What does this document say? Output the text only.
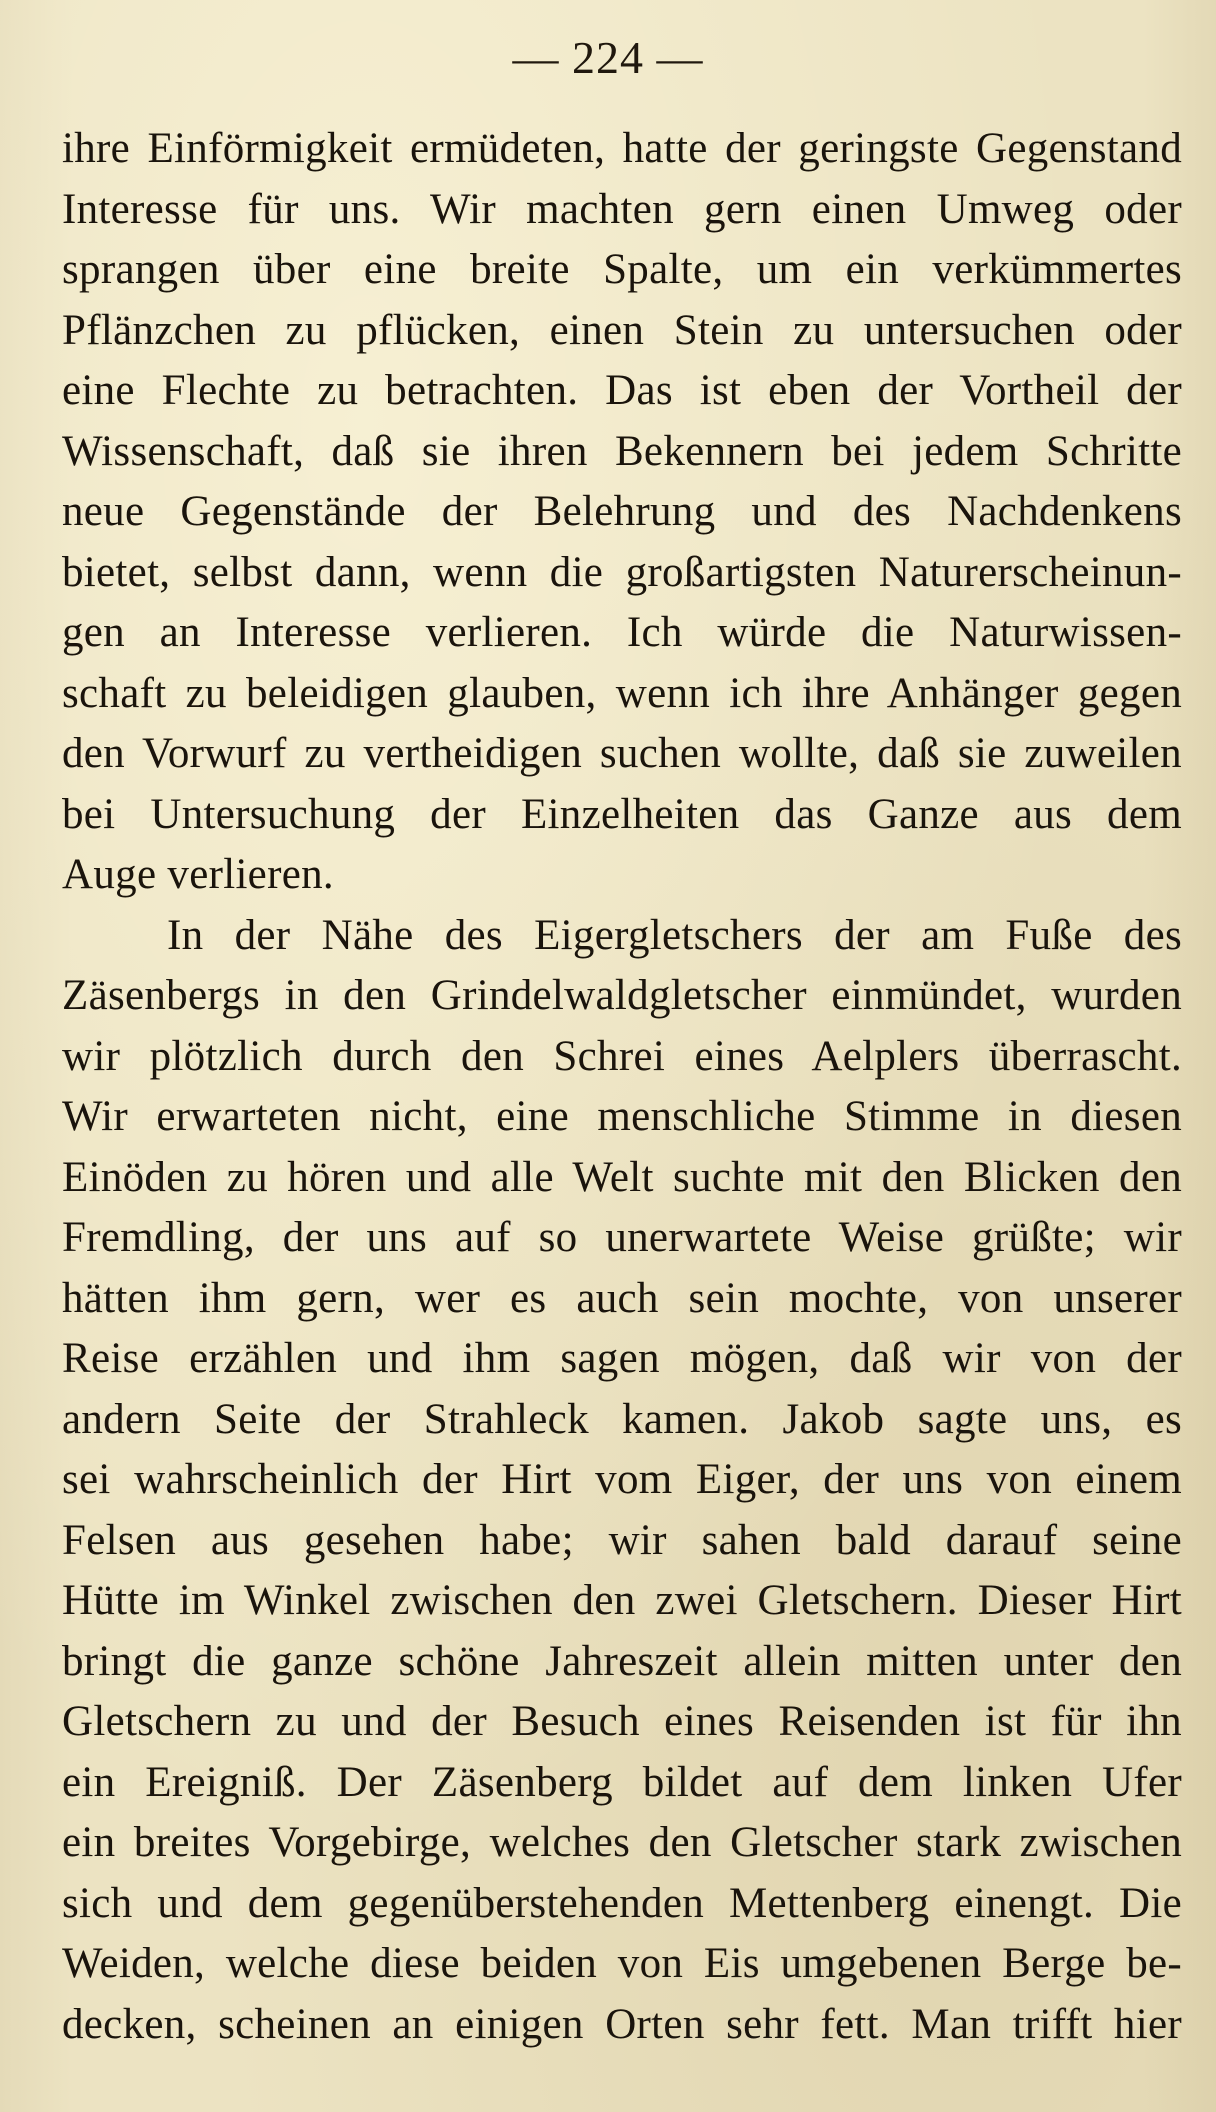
— 224 —
ihre Einförmigkeit ermüdeten, hatte der geringste Gegenstand
Interesse für uns. Wir machten gern einen Umweg oder
sprangen über eine breite Spalte, um ein verkümmertes
Pflänzchen zu pflücken, einen Stein zu untersuchen oder
eine Flechte zu betrachten. Das ist eben der Vortheil der
Wissenschaft, daß sie ihren Bekennern bei jedem Schritte
neue Gegenstände der Belehrung und des Nachdenkens
bietet, selbst dann, wenn die großartigsten Naturerscheinun-
gen an Interesse verlieren. Ich würde die Naturwissen-
schaft zu beleidigen glauben, wenn ich ihre Anhänger gegen
den Vorwurf zu vertheidigen suchen wollte, daß sie zuweilen
bei Untersuchung der Einzelheiten das Ganze aus dem
Auge verlieren.
In der Nähe des Eigergletschers der am Fuße des
Zäsenbergs in den Grindelwaldgletscher einmündet, wurden
wir plötzlich durch den Schrei eines Aelplers überrascht.
Wir erwarteten nicht, eine menschliche Stimme in diesen
Einöden zu hören und alle Welt suchte mit den Blicken den
Fremdling, der uns auf so unerwartete Weise grüßte; wir
hätten ihm gern, wer es auch sein mochte, von unserer
Reise erzählen und ihm sagen mögen, daß wir von der
andern Seite der Strahleck kamen. Jakob sagte uns, es
sei wahrscheinlich der Hirt vom Eiger, der uns von einem
Felsen aus gesehen habe; wir sahen bald darauf seine
Hütte im Winkel zwischen den zwei Gletschern. Dieser Hirt
bringt die ganze schöne Jahreszeit allein mitten unter den
Gletschern zu und der Besuch eines Reisenden ist für ihn
ein Ereigniß. Der Zäsenberg bildet auf dem linken Ufer
ein breites Vorgebirge, welches den Gletscher stark zwischen
sich und dem gegenüberstehenden Mettenberg einengt. Die
Weiden, welche diese beiden von Eis umgebenen Berge be-
decken, scheinen an einigen Orten sehr fett. Man trifft hier
